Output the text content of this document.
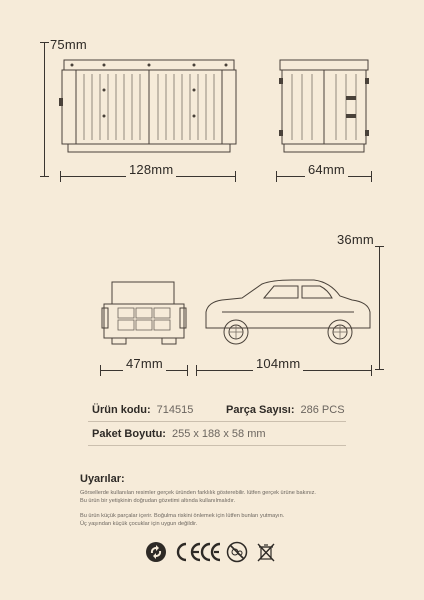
75mm
128mm	64mm
36mm
47mm	104mm
Ürün kodu: 714515	Parça Sayısı: 286 PCS
Paket Boyutu: 255 x 188 x 58 mm
Uyarılar:
Görsellerde kullanılan resimler gerçek üründen farklılık gösterebilir. lütfen gerçek ürüne bakınız.
Bu ürün bir yetişkinin doğrudan gözetimi altında kullanılmalıdır.
Bu ürün küçük parçalar içerir. Boğulma riskini önlemek için lütfen bunları yutmayın.
Üç yaşından küçük çocuklar için uygun değildir.
